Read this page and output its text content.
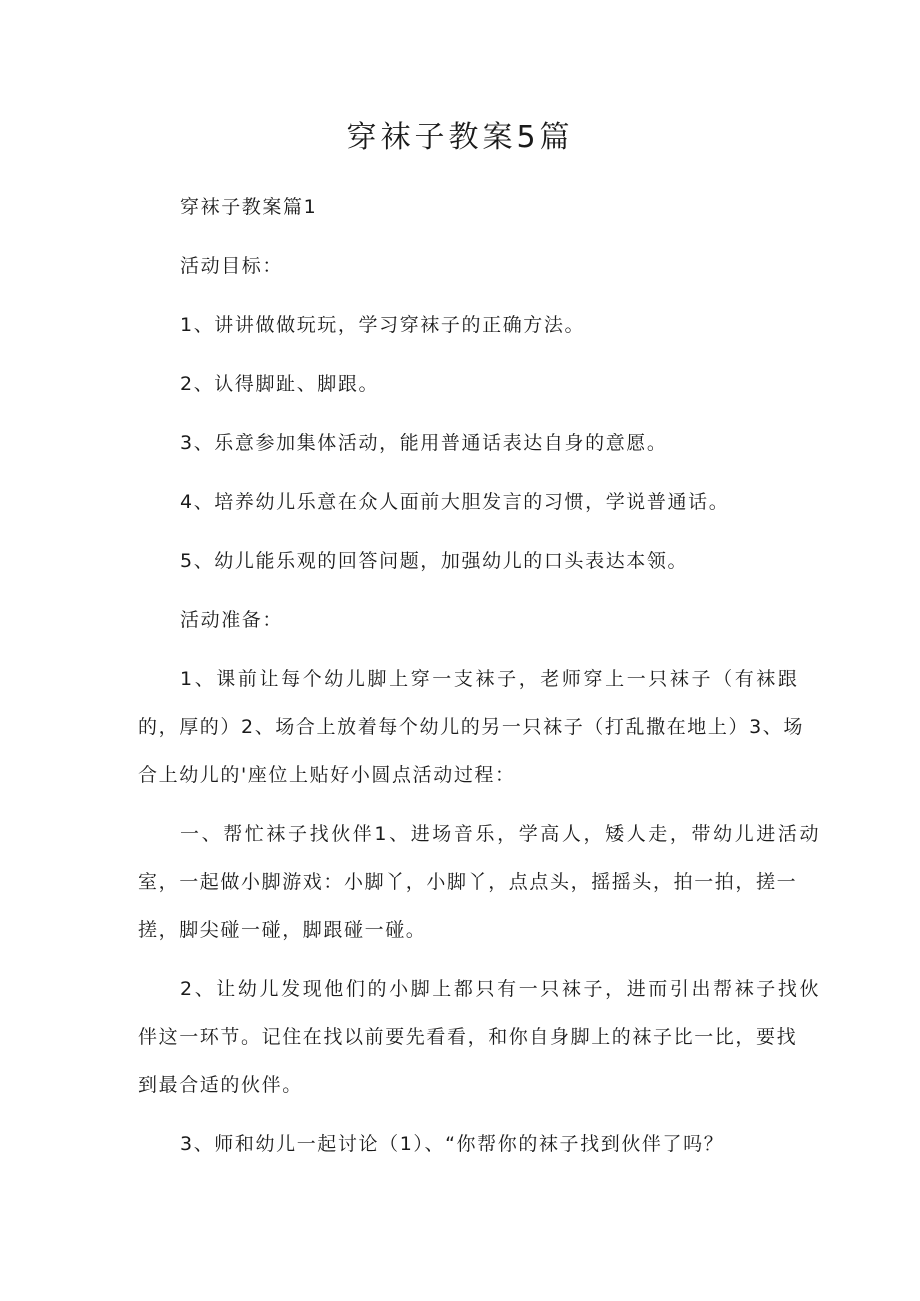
穿袜子教案5篇

穿袜子教案篇1

活动目标：

1、讲讲做做玩玩，学习穿袜子的正确方法。

2、认得脚趾、脚跟。

3、乐意参加集体活动，能用普通话表达自身的意愿。

4、培养幼儿乐意在众人面前大胆发言的习惯，学说普通话。

5、幼儿能乐观的回答问题，加强幼儿的口头表达本领。

活动准备：

1、课前让每个幼儿脚上穿一支袜子，老师穿上一只袜子（有袜跟

的，厚的）2、场合上放着每个幼儿的另一只袜子（打乱撒在地上）3、场

合上幼儿的'座位上贴好小圆点活动过程：

一、帮忙袜子找伙伴1、进场音乐，学高人，矮人走，带幼儿进活动

室，一起做小脚游戏：小脚丫，小脚丫，点点头，摇摇头，拍一拍，搓一

搓，脚尖碰一碰，脚跟碰一碰。

2、让幼儿发现他们的小脚上都只有一只袜子，进而引出帮袜子找伙

伴这一环节。记住在找以前要先看看，和你自身脚上的袜子比一比，要找

到最合适的伙伴。

3、师和幼儿一起讨论（1）、“你帮你的袜子找到伙伴了吗？
